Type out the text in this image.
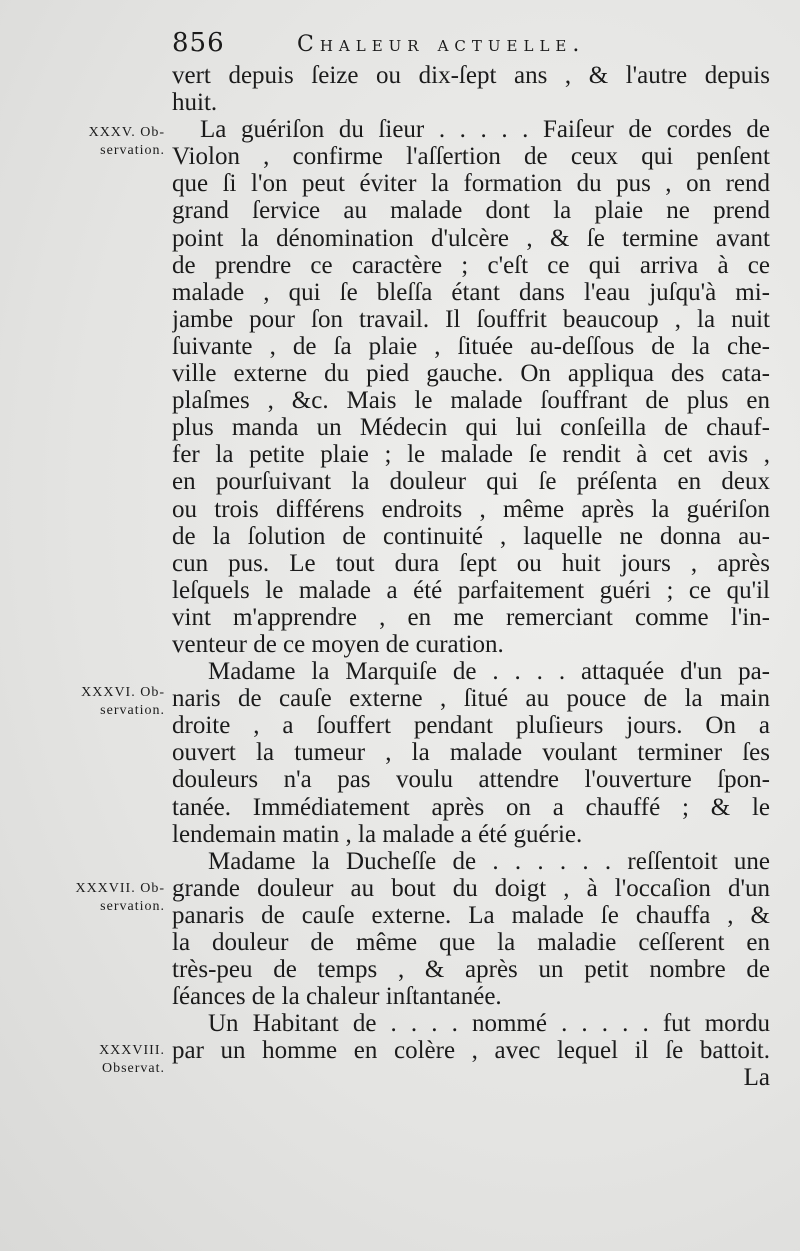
856	Chaleur actuelle.
XXXV. Ob-
servation.
XXXVI. Ob-
servation.
XXXVII. Ob-
servation.
XXXVIII.
Observat.
vert depuis ſeize ou dix-ſept ans , & l'autre depuis
huit.
La guériſon du ſieur . . . . . Faiſeur de cordes de
Violon , confirme l'aſſertion de ceux qui penſent
que ſi l'on peut éviter la formation du pus , on rend
grand ſervice au malade dont la plaie ne prend
point la dénomination d'ulcère , & ſe termine avant
de prendre ce caractère ; c'eſt ce qui arriva à ce
malade , qui ſe bleſſa étant dans l'eau juſqu'à mi-
jambe pour ſon travail. Il ſouffrit beaucoup , la nuit
ſuivante , de ſa plaie , ſituée au-deſſous de la che-
ville externe du pied gauche. On appliqua des cata-
plaſmes , &c. Mais le malade ſouffrant de plus en
plus manda un Médecin qui lui conſeilla de chauf-
fer la petite plaie ; le malade ſe rendit à cet avis ,
en pourſuivant la douleur qui ſe préſenta en deux
ou trois différens endroits , même après la guériſon
de la ſolution de continuité , laquelle ne donna au-
cun pus. Le tout dura ſept ou huit jours , après
leſquels le malade a été parfaitement guéri ; ce qu'il
vint m'apprendre , en me remerciant comme l'in-
venteur de ce moyen de curation.
Madame la Marquiſe de . . . . attaquée d'un pa-
naris de cauſe externe , ſitué au pouce de la main
droite , a ſouffert pendant pluſieurs jours. On a
ouvert la tumeur , la malade voulant terminer ſes
douleurs n'a pas voulu attendre l'ouverture ſpon-
tanée. Immédiatement après on a chauffé ; & le
lendemain matin , la malade a été guérie.
Madame la Ducheſſe de . . . . . . reſſentoit une
grande douleur au bout du doigt , à l'occaſion d'un
panaris de cauſe externe. La malade ſe chauffa , &
la douleur de même que la maladie ceſſerent en
très-peu de temps , & après un petit nombre de
ſéances de la chaleur inſtantanée.
Un Habitant de . . . . nommé . . . . . fut mordu
par un homme en colère , avec lequel il ſe battoit.
La
